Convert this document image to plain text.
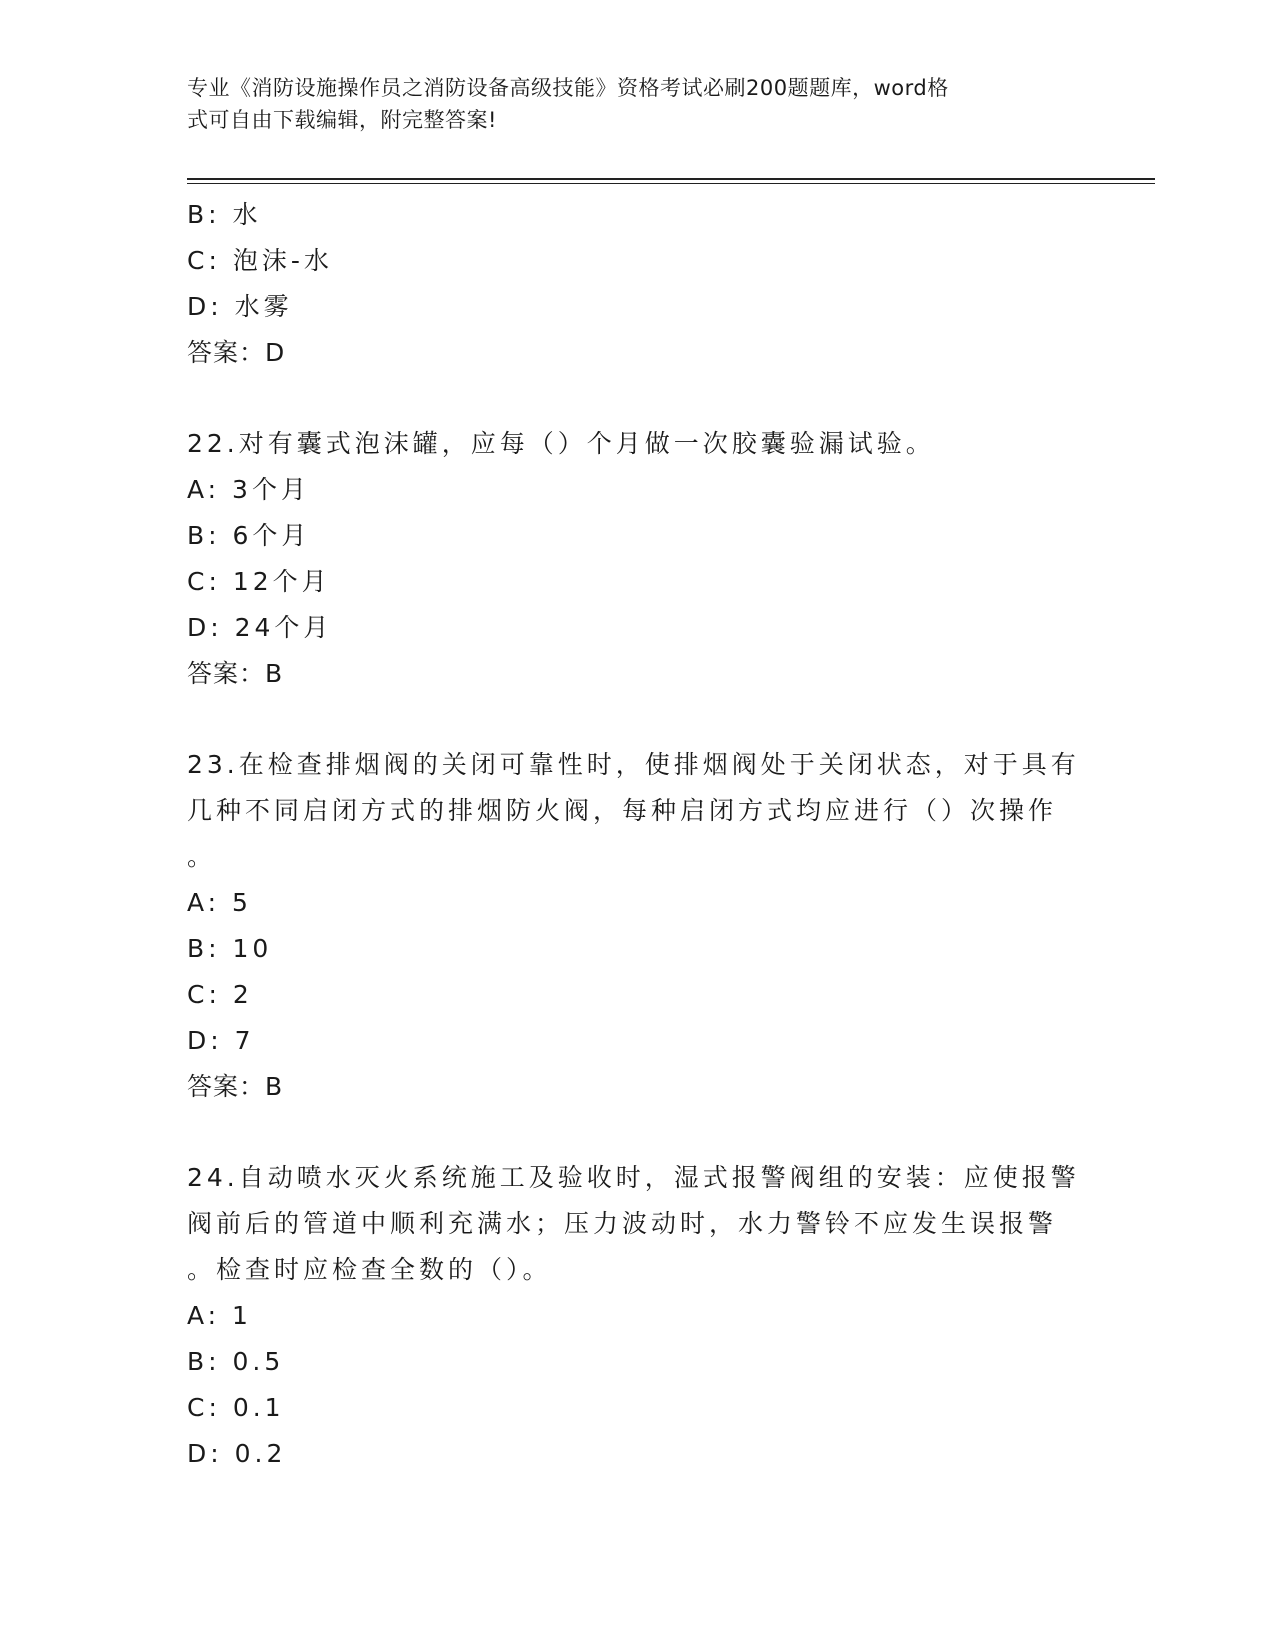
专业《消防设施操作员之消防设备高级技能》资格考试必刷200题题库，word格
式可自由下载编辑，附完整答案!
B: 水
C: 泡沫-水
D: 水雾
答案：D
22.对有囊式泡沫罐，应每（）个月做一次胶囊验漏试验。
A: 3个月
B: 6个月
C: 12个月
D: 24个月
答案：B
23.在检查排烟阀的关闭可靠性时，使排烟阀处于关闭状态，对于具有
几种不同启闭方式的排烟防火阀，每种启闭方式均应进行（）次操作
。
A: 5
B: 10
C: 2
D: 7
答案：B
24.自动喷水灭火系统施工及验收时，湿式报警阀组的安装：应使报警
阀前后的管道中顺利充满水；压力波动时，水力警铃不应发生误报警
。检查时应检查全数的（）。
A: 1
B: 0.5
C: 0.1
D: 0.2
